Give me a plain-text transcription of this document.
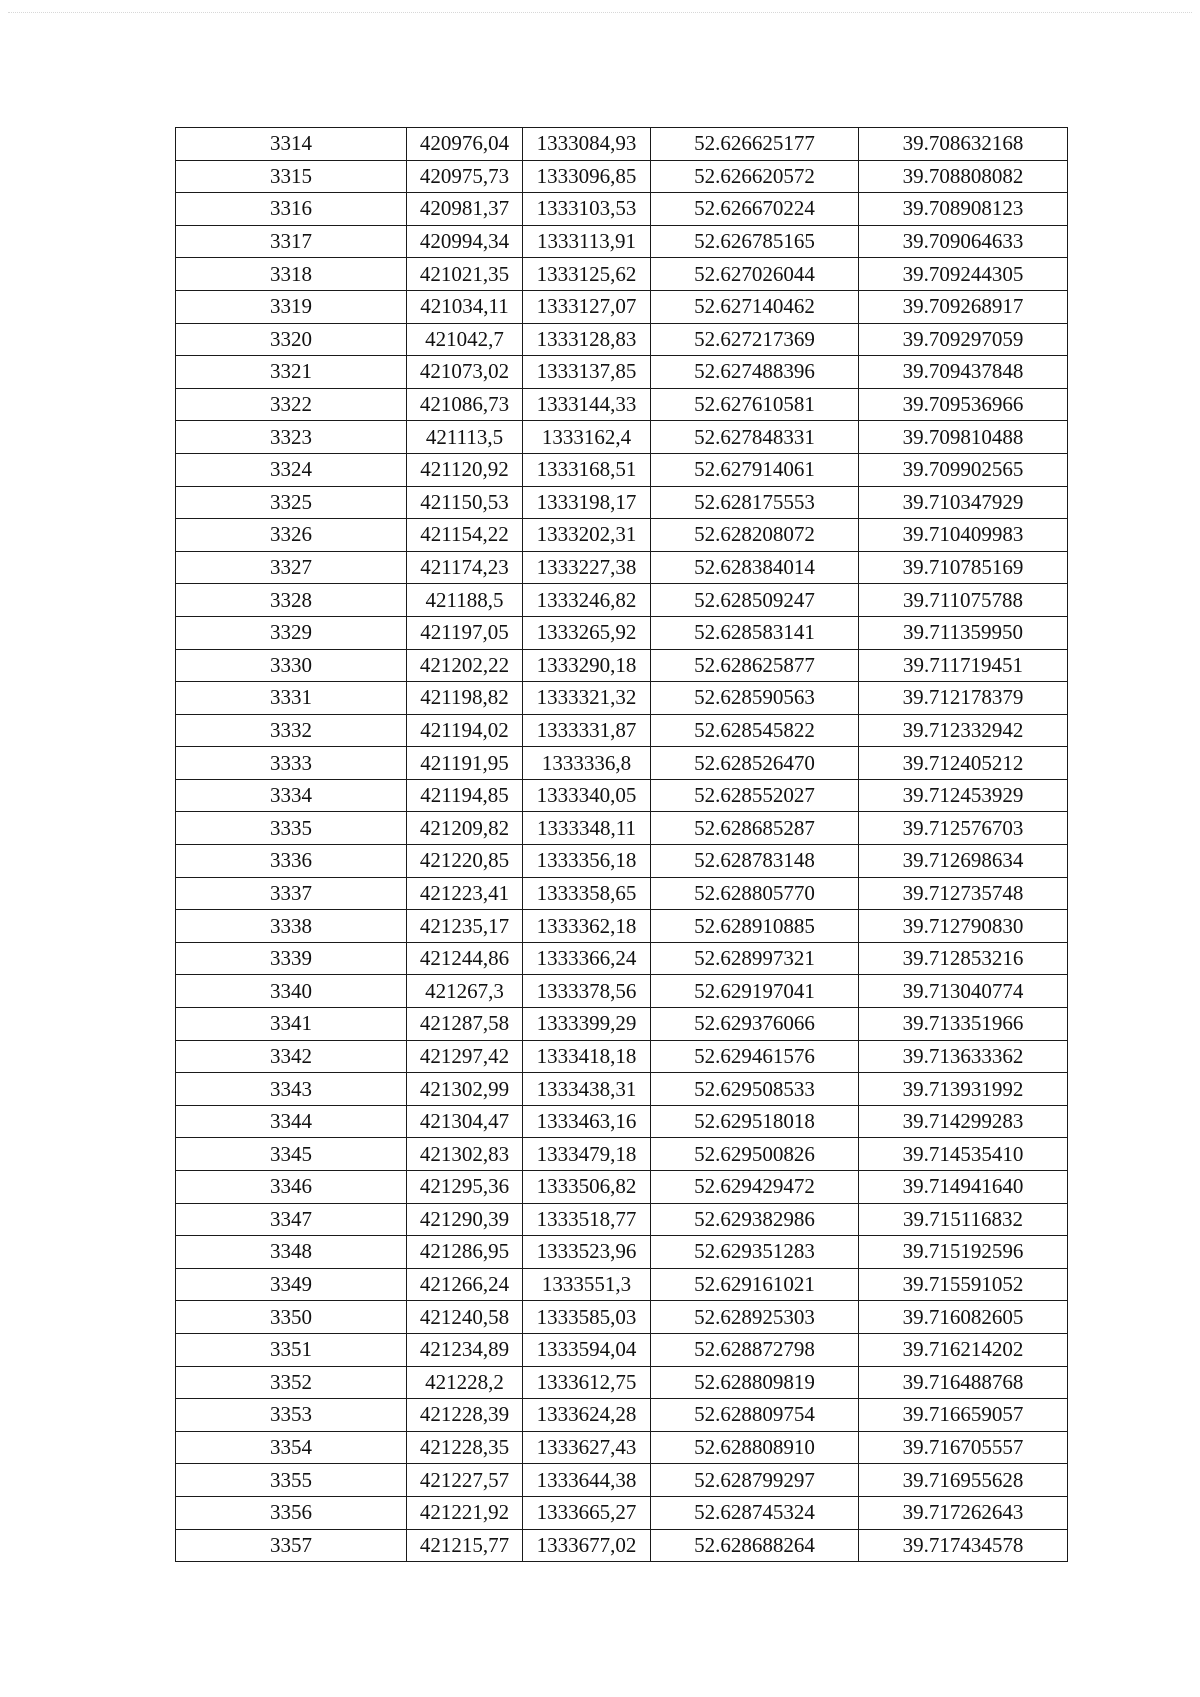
3314	420976,04	1333084,93	52.626625177	39.708632168
3315	420975,73	1333096,85	52.626620572	39.708808082
3316	420981,37	1333103,53	52.626670224	39.708908123
3317	420994,34	1333113,91	52.626785165	39.709064633
3318	421021,35	1333125,62	52.627026044	39.709244305
3319	421034,11	1333127,07	52.627140462	39.709268917
3320	421042,7	1333128,83	52.627217369	39.709297059
3321	421073,02	1333137,85	52.627488396	39.709437848
3322	421086,73	1333144,33	52.627610581	39.709536966
3323	421113,5	1333162,4	52.627848331	39.709810488
3324	421120,92	1333168,51	52.627914061	39.709902565
3325	421150,53	1333198,17	52.628175553	39.710347929
3326	421154,22	1333202,31	52.628208072	39.710409983
3327	421174,23	1333227,38	52.628384014	39.710785169
3328	421188,5	1333246,82	52.628509247	39.711075788
3329	421197,05	1333265,92	52.628583141	39.711359950
3330	421202,22	1333290,18	52.628625877	39.711719451
3331	421198,82	1333321,32	52.628590563	39.712178379
3332	421194,02	1333331,87	52.628545822	39.712332942
3333	421191,95	1333336,8	52.628526470	39.712405212
3334	421194,85	1333340,05	52.628552027	39.712453929
3335	421209,82	1333348,11	52.628685287	39.712576703
3336	421220,85	1333356,18	52.628783148	39.712698634
3337	421223,41	1333358,65	52.628805770	39.712735748
3338	421235,17	1333362,18	52.628910885	39.712790830
3339	421244,86	1333366,24	52.628997321	39.712853216
3340	421267,3	1333378,56	52.629197041	39.713040774
3341	421287,58	1333399,29	52.629376066	39.713351966
3342	421297,42	1333418,18	52.629461576	39.713633362
3343	421302,99	1333438,31	52.629508533	39.713931992
3344	421304,47	1333463,16	52.629518018	39.714299283
3345	421302,83	1333479,18	52.629500826	39.714535410
3346	421295,36	1333506,82	52.629429472	39.714941640
3347	421290,39	1333518,77	52.629382986	39.715116832
3348	421286,95	1333523,96	52.629351283	39.715192596
3349	421266,24	1333551,3	52.629161021	39.715591052
3350	421240,58	1333585,03	52.628925303	39.716082605
3351	421234,89	1333594,04	52.628872798	39.716214202
3352	421228,2	1333612,75	52.628809819	39.716488768
3353	421228,39	1333624,28	52.628809754	39.716659057
3354	421228,35	1333627,43	52.628808910	39.716705557
3355	421227,57	1333644,38	52.628799297	39.716955628
3356	421221,92	1333665,27	52.628745324	39.717262643
3357	421215,77	1333677,02	52.628688264	39.717434578
